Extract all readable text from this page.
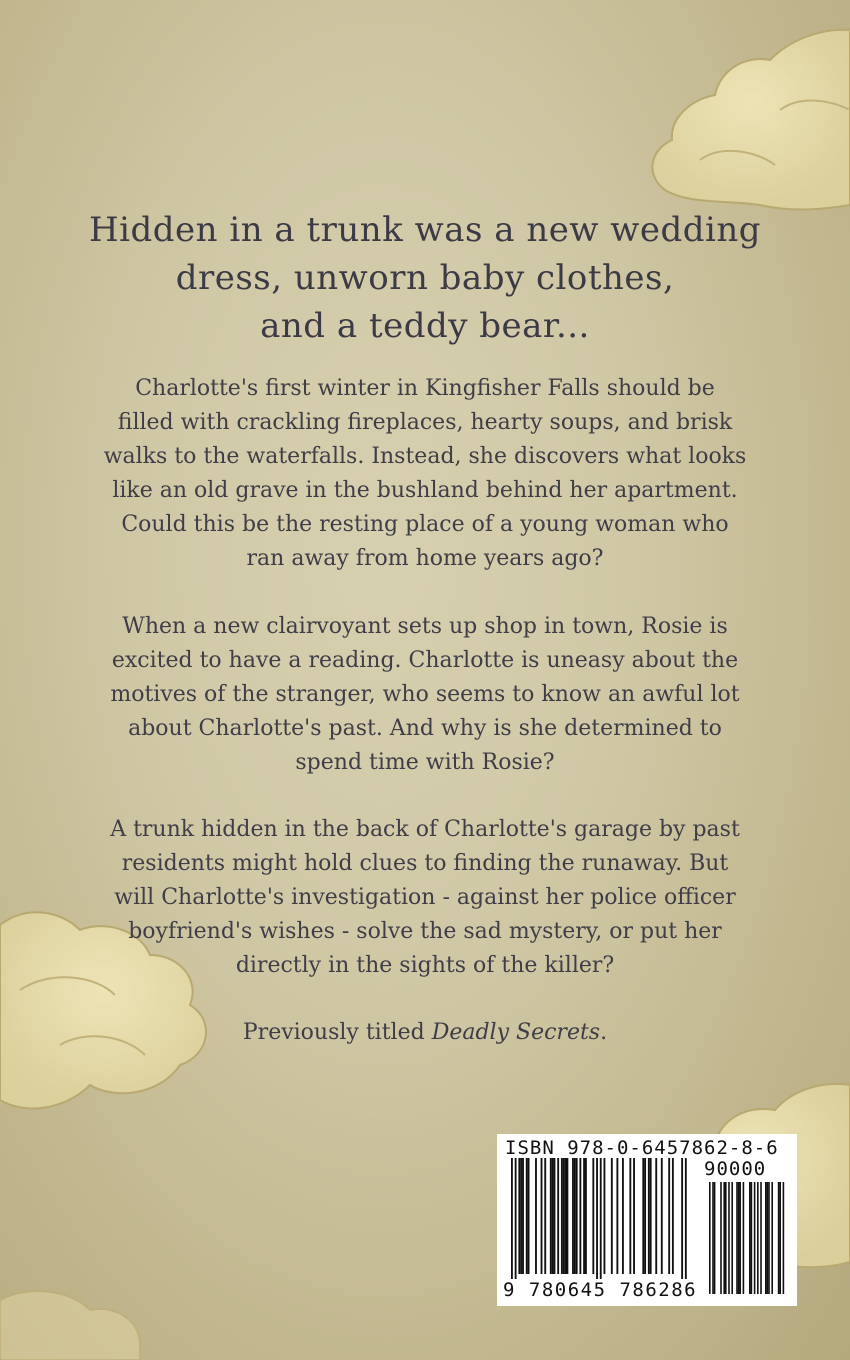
Hidden in a trunk was a new wedding
dress, unworn baby clothes,
and a teddy bear...
Charlotte's first winter in Kingfisher Falls should be
filled with crackling fireplaces, hearty soups, and brisk
walks to the waterfalls. Instead, she discovers what looks
like an old grave in the bushland behind her apartment.
Could this be the resting place of a young woman who
ran away from home years ago?
When a new clairvoyant sets up shop in town, Rosie is
excited to have a reading. Charlotte is uneasy about the
motives of the stranger, who seems to know an awful lot
about Charlotte's past. And why is she determined to
spend time with Rosie?
A trunk hidden in the back of Charlotte's garage by past
residents might hold clues to finding the runaway. But
will Charlotte's investigation - against her police officer
boyfriend's wishes - solve the sad mystery, or put her
directly in the sights of the killer?
Previously titled Deadly Secrets.
ISBN 978-0-6457862-8-6
90000
9 780645 786286
